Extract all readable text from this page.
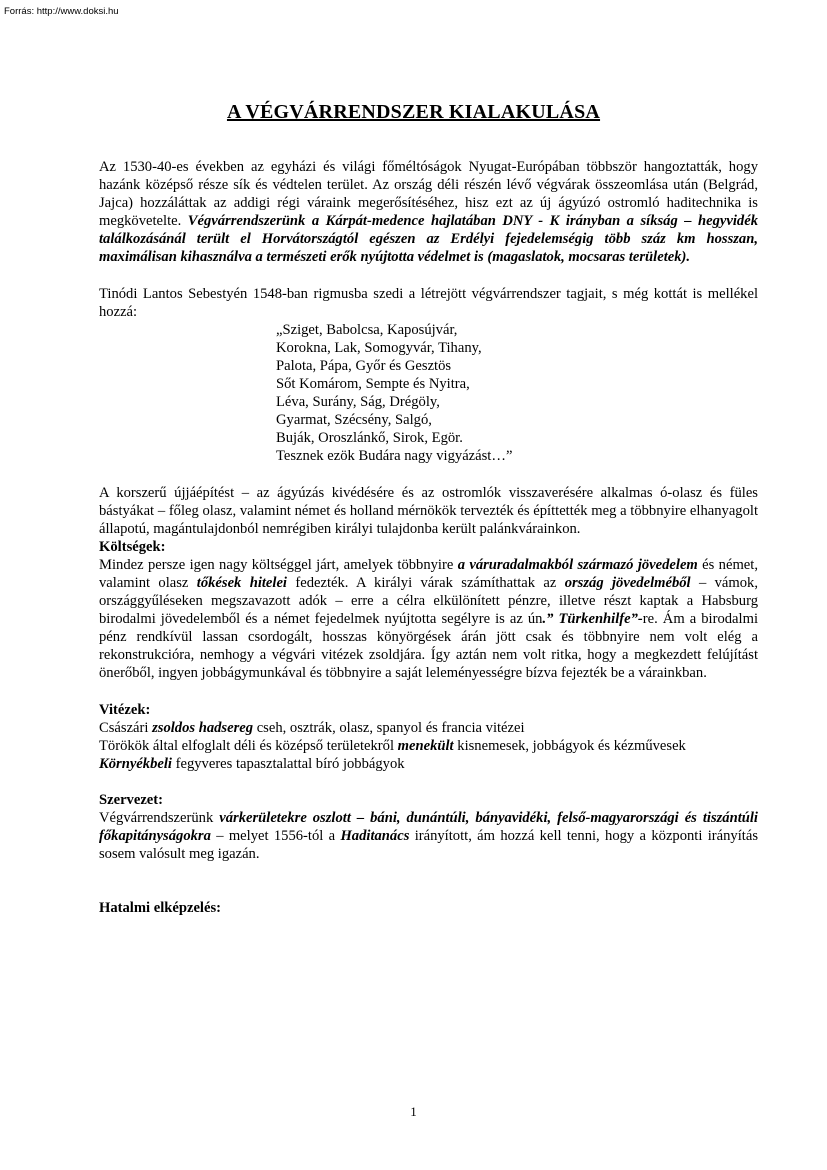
Forrás: http://www.doksi.hu
A VÉGVÁRRENDSZER KIALAKULÁSA

Az 1530-40-es években az egyházi és világi főméltóságok Nyugat-Európában többször hangoztatták, hogy hazánk középső része sík és védtelen terület. Az ország déli részén lévő végvárak összeomlása után (Belgrád, Jajca) hozzáláttak az addigi régi váraink megerősítéséhez, hisz ezt az új ágyúzó ostromló haditechnika is megkövetelte. Végvárrendszerünk a Kárpát-medence hajlatában DNY - K irányban a síkság – hegyvidék találkozásánál terült el Horvátországtól egészen az Erdélyi fejedelemségig több száz km hosszan, maximálisan kihasználva a természeti erők nyújtotta védelmet is (magaslatok, mocsaras területek).

Tinódi Lantos Sebestyén 1548-ban rigmusba szedi a létrejött végvárrendszer tagjait, s még kottát is mellékel hozzá:

„Sziget, Babolcsa, Kaposújvár,
Korokna, Lak, Somogyvár, Tihany,
Palota, Pápa, Győr és Gesztös
Sőt Komárom, Sempte és Nyitra,
Léva, Surány, Ság, Drégöly,
Gyarmat, Szécsény, Salgó,
Buják, Oroszlánkő, Sirok, Egör.
Tesznek ezök Budára nagy vigyázást…”

A korszerű újjáépítést – az ágyúzás kivédésére és az ostromlók visszaverésére alkalmas ó-olasz és füles bástyákat – főleg olasz, valamint német és holland mérnökök tervezték és építtették meg a többnyire elhanyagolt állapotú, magántulajdonból nemrégiben királyi tulajdonba került palánkvárainkon.

Költségek:

Mindez persze igen nagy költséggel járt, amelyek többnyire a váruradalmakból származó jövedelem és német, valamint olasz tőkések hitelei fedezték. A királyi várak számíthattak az ország jövedelméből – vámok, országgyűléseken megszavazott adók – erre a célra elkülönített pénzre, illetve részt kaptak a Habsburg birodalmi jövedelemből és a német fejedelmek nyújtotta segélyre is az ún.” Türkenhilfe”-re. Ám a birodalmi pénz rendkívül lassan csordogált, hosszas könyörgések árán jött csak és többnyire nem volt elég a rekonstrukcióra, nemhogy a végvári vitézek zsoldjára. Így aztán nem volt ritka, hogy a megkezdett felújítást önerőből, ingyen jobbágymunkával és többnyire a saját leleményességre bízva fejezték be a várainkban.

Vitézek:

Császári zsoldos hadsereg cseh, osztrák, olasz, spanyol és francia vitézei

Törökök által elfoglalt déli és középső területekről menekült kisnemesek, jobbágyok és kézművesek

Környékbeli fegyveres tapasztalattal bíró jobbágyok

Szervezet:

Végvárrendszerünk várkerületekre oszlott – báni, dunántúli, bányavidéki, felső-magyarországi és tiszántúli főkapitányságokra – melyet 1556-tól a Haditanács irányított, ám hozzá kell tenni, hogy a központi irányítás sosem valósult meg igazán.

Hatalmi elképzelés:
1
